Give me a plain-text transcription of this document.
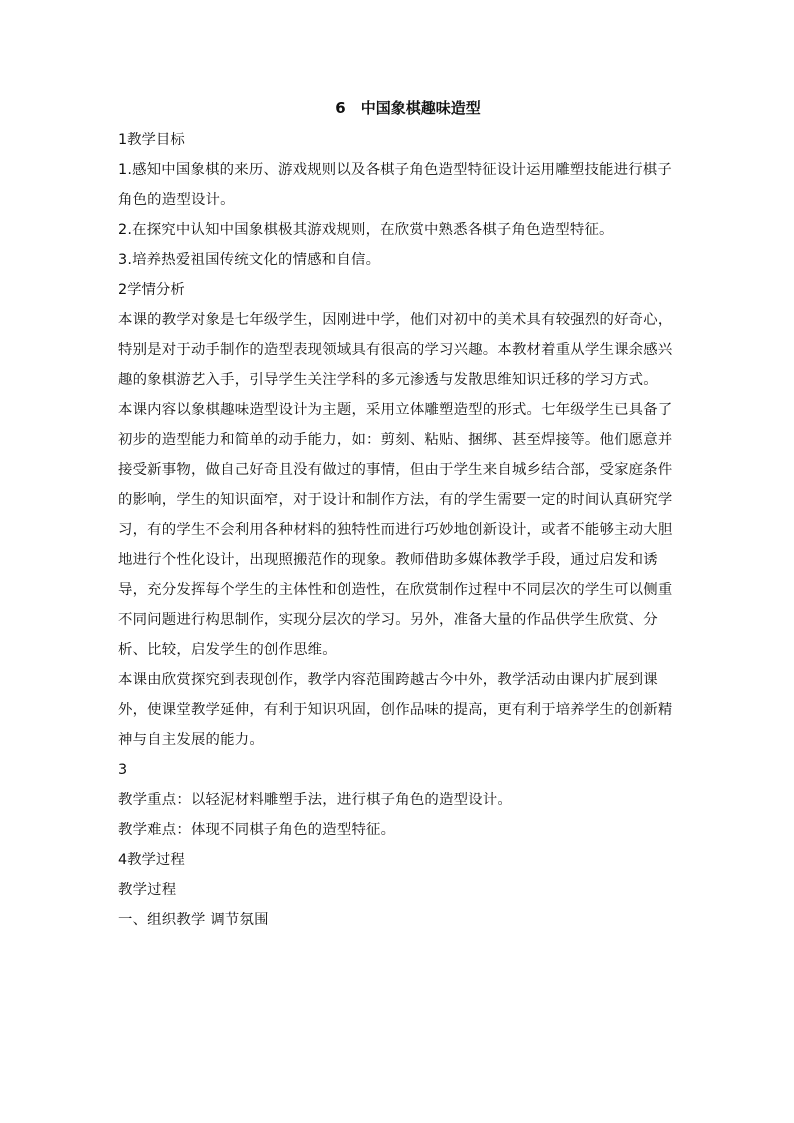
6　中国象棋趣味造型

1教学目标

1.感知中国象棋的来历、游戏规则以及各棋子角色造型特征设计运用雕塑技能进行棋子角色的造型设计。

2.在探究中认知中国象棋极其游戏规则，在欣赏中熟悉各棋子角色造型特征。

3.培养热爱祖国传统文化的情感和自信。

2学情分析

本课的教学对象是七年级学生，因刚进中学，他们对初中的美术具有较强烈的好奇心，特别是对于动手制作的造型表现领域具有很高的学习兴趣。本教材着重从学生课余感兴趣的象棋游艺入手，引导学生关注学科的多元渗透与发散思维知识迁移的学习方式。

本课内容以象棋趣味造型设计为主题，采用立体雕塑造型的形式。七年级学生已具备了初步的造型能力和简单的动手能力，如：剪刻、粘贴、捆绑、甚至焊接等。他们愿意并接受新事物，做自己好奇且没有做过的事情，但由于学生来自城乡结合部，受家庭条件的影响，学生的知识面窄，对于设计和制作方法，有的学生需要一定的时间认真研究学习，有的学生不会利用各种材料的独特性而进行巧妙地创新设计，或者不能够主动大胆地进行个性化设计，出现照搬范作的现象。教师借助多媒体教学手段，通过启发和诱导，充分发挥每个学生的主体性和创造性，在欣赏制作过程中不同层次的学生可以侧重不同问题进行构思制作，实现分层次的学习。另外，准备大量的作品供学生欣赏、分析、比较，启发学生的创作思维。

本课由欣赏探究到表现创作，教学内容范围跨越古今中外，教学活动由课内扩展到课外，使课堂教学延伸，有利于知识巩固，创作品味的提高，更有利于培养学生的创新精神与自主发展的能力。

3

教学重点：以轻泥材料雕塑手法，进行棋子角色的造型设计。

教学难点：体现不同棋子角色的造型特征。

4教学过程

教学过程

一、组织教学 调节氛围
